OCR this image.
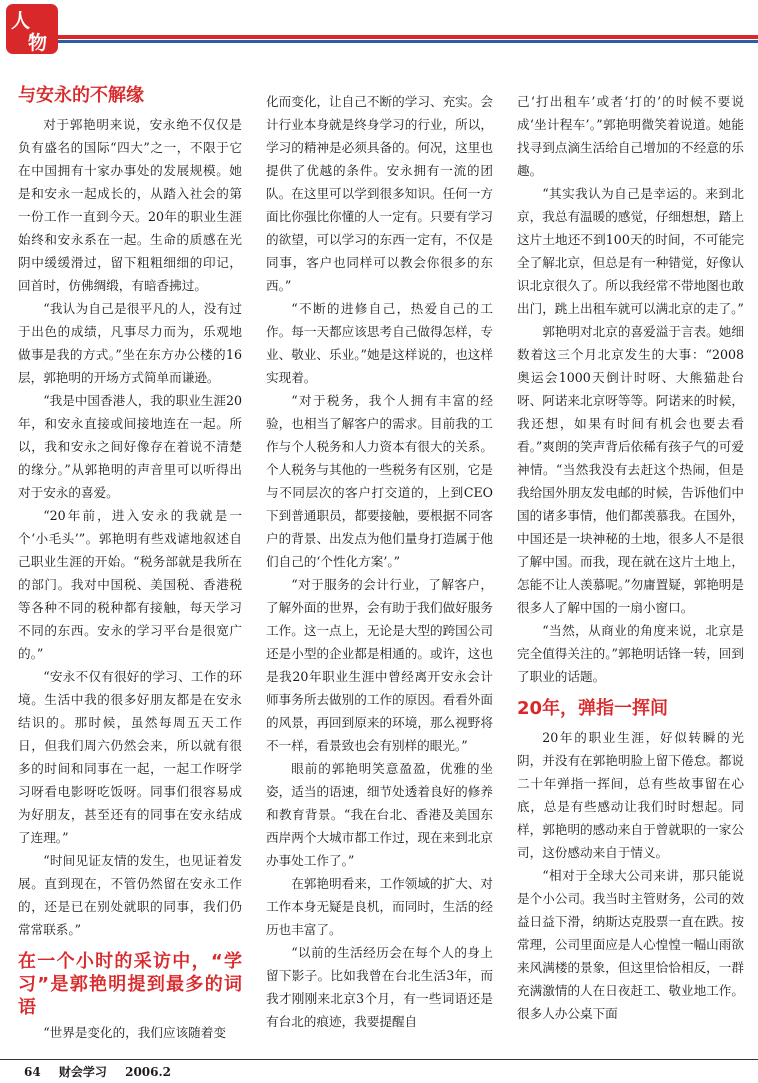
人
物
与安永的不解缘

对于郭艳明来说，安永绝不仅仅是负有盛名的国际“四大”之一，不限于它在中国拥有十家办事处的发展规模。她是和安永一起成长的，从踏入社会的第一份工作一直到今天。20年的职业生涯始终和安永系在一起。生命的质感在光阴中缓缓滑过，留下粗粗细细的印记，回首时，仿佛绸缎，有暗香拂过。

“我认为自己是很平凡的人，没有过于出色的成绩，凡事尽力而为，乐观地做事是我的方式。”坐在东方办公楼的16层，郭艳明的开场方式简单而谦逊。

“我是中国香港人，我的职业生涯20年，和安永直接或间接地连在一起。所以，我和安永之间好像存在着说不清楚的缘分。”从郭艳明的声音里可以听得出对于安永的喜爱。

“20年前，进入安永的我就是一个‘小毛头’”。郭艳明有些戏谑地叙述自己职业生涯的开始。“税务部就是我所在的部门。我对中国税、美国税、香港税等各种不同的税种都有接触，每天学习不同的东西。安永的学习平台是很宽广的。”

“安永不仅有很好的学习、工作的环境。生活中我的很多好朋友都是在安永结识的。那时候，虽然每周五天工作日，但我们周六仍然会来，所以就有很多的时间和同事在一起，一起工作呀学习呀看电影呀吃饭呀。同事们很容易成为好朋友，甚至还有的同事在安永结成了连理。”

“时间见证友情的发生，也见证着发展。直到现在，不管仍然留在安永工作的，还是已在别处就职的同事，我们仍常常联系。”

在一个小时的采访中，“学习”是郭艳明提到最多的词语

“世界是变化的，我们应该随着变

化而变化，让自己不断的学习、充实。会计行业本身就是终身学习的行业，所以，学习的精神是必须具备的。何况，这里也提供了优越的条件。安永拥有一流的团队。在这里可以学到很多知识。任何一方面比你强比你懂的人一定有。只要有学习的欲望，可以学习的东西一定有，不仅是同事，客户也同样可以教会你很多的东西。”

“不断的进修自己，热爱自己的工作。每一天都应该思考自己做得怎样，专业、敬业、乐业。”她是这样说的，也这样实现着。

“对于税务，我个人拥有丰富的经验，也相当了解客户的需求。目前我的工作与个人税务和人力资本有很大的关系。个人税务与其他的一些税务有区别，它是与不同层次的客户打交道的，上到CEO下到普通职员，都要接触，要根据不同客户的背景、出发点为他们量身打造属于他们自己的‘个性化方案’。”

“对于服务的会计行业，了解客户，了解外面的世界，会有助于我们做好服务工作。这一点上，无论是大型的跨国公司还是小型的企业都是相通的。或许，这也是我20年职业生涯中曾经离开安永会计师事务所去做别的工作的原因。看看外面的风景，再回到原来的环境，那么视野将不一样，看景致也会有别样的眼光。”

眼前的郭艳明笑意盈盈，优雅的坐姿，适当的语速，细节处透着良好的修养和教育背景。“我在台北、香港及美国东西岸两个大城市都工作过，现在来到北京办事处工作了。”

在郭艳明看来，工作领域的扩大、对工作本身无疑是良机，而同时，生活的经历也丰富了。

“以前的生活经历会在每个人的身上留下影子。比如我曾在台北生活3年，而我才刚刚来北京3个月，有一些词语还是有台北的痕迹，我要提醒自

己‘打出租车’或者‘打的’的时候不要说成‘坐计程车’。”郭艳明微笑着说道。她能找寻到点滴生活给自己增加的不经意的乐趣。

“其实我认为自己是幸运的。来到北京，我总有温暖的感觉，仔细想想，踏上这片土地还不到100天的时间，不可能完全了解北京，但总是有一种错觉，好像认识北京很久了。所以我经常不带地图也敢出门，跳上出租车就可以满北京的走了。”

郭艳明对北京的喜爱溢于言表。她细数着这三个月北京发生的大事：“2008奥运会1000天倒计时呀、大熊猫赴台呀、阿诺来北京呀等等。阿诺来的时候，我还想，如果有时间有机会也要去看看。”爽朗的笑声背后依稀有孩子气的可爱神情。“当然我没有去赶这个热闹，但是我给国外朋友发电邮的时候，告诉他们中国的诸多事情，他们都羡慕我。在国外，中国还是一块神秘的土地，很多人不是很了解中国。而我，现在就在这片土地上，怎能不让人羡慕呢。”勿庸置疑，郭艳明是很多人了解中国的一扇小窗口。

“当然，从商业的角度来说，北京是完全值得关注的。”郭艳明话锋一转，回到了职业的话题。

20年，弹指一挥间

20年的职业生涯，好似转瞬的光阴，并没有在郭艳明脸上留下倦怠。都说二十年弹指一挥间，总有些故事留在心底，总是有些感动让我们时时想起。同样，郭艳明的感动来自于曾就职的一家公司，这份感动来自于情义。

“相对于全球大公司来讲，那只能说是个小公司。我当时主管财务，公司的效益日益下滑，纳斯达克股票一直在跌。按常理，公司里面应是人心惶惶一幅山雨欲来风满楼的景象，但这里恰恰相反，一群充满激情的人在日夜赶工、敬业地工作。很多人办公桌下面

64 财会学习 2006.2
